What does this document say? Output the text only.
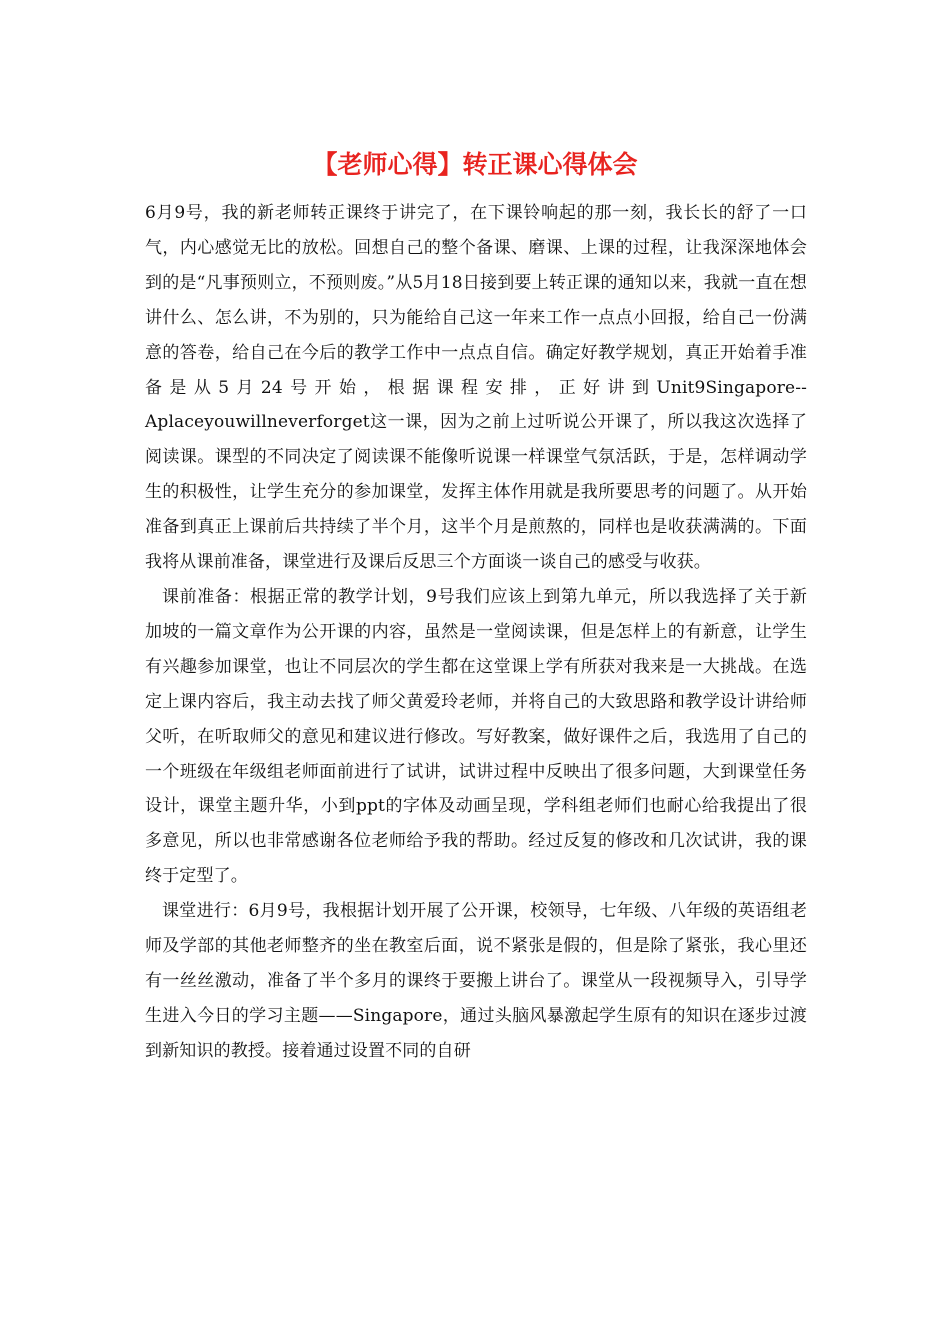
【老师心得】转正课心得体会

6月9号，我的新老师转正课终于讲完了，在下课铃响起的那一刻，我长长的舒了一口气，内心感觉无比的放松。回想自己的整个备课、磨课、上课的过程，让我深深地体会到的是“凡事预则立，不预则废。”从5月18日接到要上转正课的通知以来，我就一直在想讲什么、怎么讲，不为别的，只为能给自己这一年来工作一点点小回报，给自己一份满意的答卷，给自己在今后的教学工作中一点点自信。确定好教学规划，真正开始着手准备是从5月24号开始，根据课程安排，正好讲到Unit9Singapore--Aplaceyouwillneverforget这一课，因为之前上过听说公开课了，所以我这次选择了阅读课。课型的不同决定了阅读课不能像听说课一样课堂气氛活跃，于是，怎样调动学生的积极性，让学生充分的参加课堂，发挥主体作用就是我所要思考的问题了。从开始准备到真正上课前后共持续了半个月，这半个月是煎熬的，同样也是收获满满的。下面我将从课前准备，课堂进行及课后反思三个方面谈一谈自己的感受与收获。

课前准备：根据正常的教学计划，9号我们应该上到第九单元，所以我选择了关于新加坡的一篇文章作为公开课的内容，虽然是一堂阅读课，但是怎样上的有新意，让学生有兴趣参加课堂，也让不同层次的学生都在这堂课上学有所获对我来是一大挑战。在选定上课内容后，我主动去找了师父黄爱玲老师，并将自己的大致思路和教学设计讲给师父听，在听取师父的意见和建议进行修改。写好教案，做好课件之后，我选用了自己的一个班级在年级组老师面前进行了试讲，试讲过程中反映出了很多问题，大到课堂任务设计，课堂主题升华，小到ppt的字体及动画呈现，学科组老师们也耐心给我提出了很多意见，所以也非常感谢各位老师给予我的帮助。经过反复的修改和几次试讲，我的课终于定型了。

课堂进行：6月9号，我根据计划开展了公开课，校领导，七年级、八年级的英语组老师及学部的其他老师整齐的坐在教室后面，说不紧张是假的，但是除了紧张，我心里还有一丝丝激动，准备了半个多月的课终于要搬上讲台了。课堂从一段视频导入，引导学生进入今日的学习主题——Singapore，通过头脑风暴激起学生原有的知识在逐步过渡到新知识的教授。接着通过设置不同的自研
